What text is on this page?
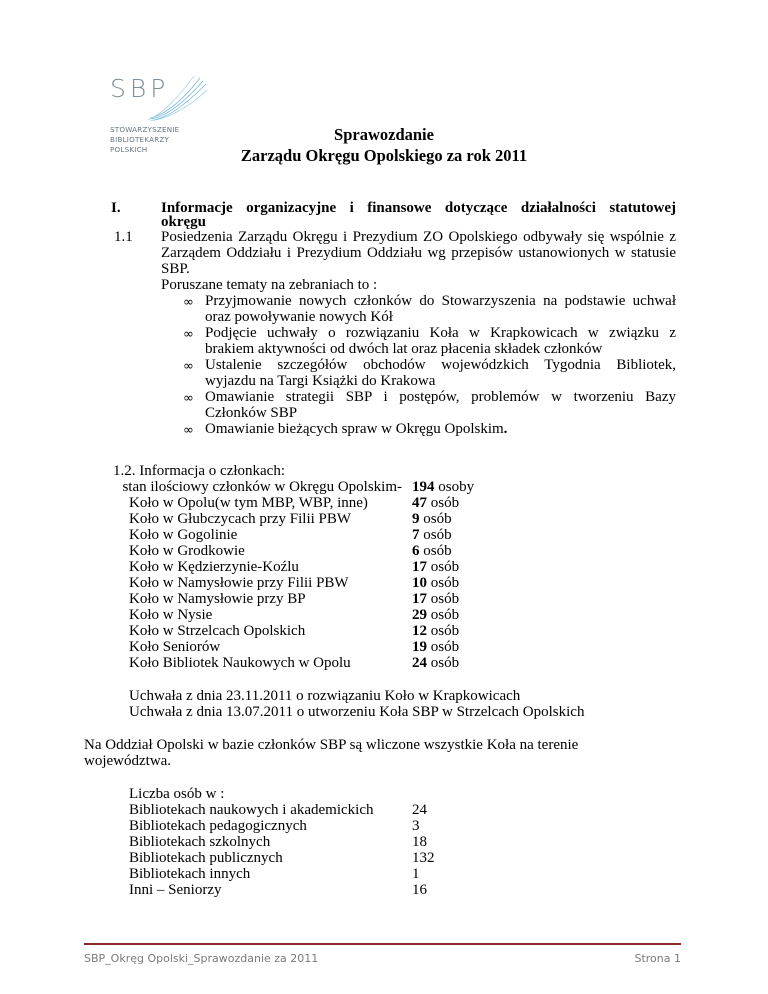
SBP
STOWARZYSZENIE
BIBLIOTEKARZY
POLSKICH
Sprawozdanie
Zarządu Okręgu Opolskiego za rok 2011
I.	Informacje organizacyjne i finansowe dotyczące działalności statutowej
okręgu
1.1 Posiedzenia Zarządu Okręgu i Prezydium ZO Opolskiego odbywały się wspólnie z
Zarządem Oddziału i Prezydium Oddziału wg przepisów ustanowionych w statusie
SBP.
Poruszane tematy na zebraniach to :
∞ Przyjmowanie nowych członków do Stowarzyszenia na podstawie uchwał
oraz powoływanie nowych Kół
∞ Podjęcie uchwały o rozwiązaniu Koła w Krapkowicach w związku z
brakiem aktywności od dwóch lat oraz płacenia składek członków
∞ Ustalenie szczegółów obchodów wojewódzkich Tygodnia Bibliotek,
wyjazdu na Targi Książki do Krakowa
∞ Omawianie strategii SBP i postępów, problemów w tworzeniu Bazy
Członków SBP
∞ Omawianie bieżących spraw w Okręgu Opolskim.
1.2. Informacja o członkach:
stan ilościowy członków w Okręgu Opolskim- 194 osoby
Koło w Opolu(w tym MBP, WBP, inne)	47 osób
Koło w Głubczycach przy Filii PBW	9 osób
Koło w Gogolinie	7 osób
Koło w Grodkowie	6 osób
Koło w Kędzierzynie-Koźlu	17 osób
Koło w Namysłowie przy Filii PBW	10 osób
Koło w Namysłowie przy BP	17 osób
Koło w Nysie	29 osób
Koło w Strzelcach Opolskich	12 osób
Koło Seniorów	19 osób
Koło Bibliotek Naukowych w Opolu	24 osób
Uchwała z dnia 23.11.2011 o rozwiązaniu Koło w Krapkowicach
Uchwała z dnia 13.07.2011 o utworzeniu Koła SBP w Strzelcach Opolskich
Na Oddział Opolski w bazie członków SBP są wliczone wszystkie Koła na terenie
województwa.
Liczba osób w :
Bibliotekach naukowych i akademickich	24
Bibliotekach pedagogicznych	3
Bibliotekach szkolnych	18
Bibliotekach publicznych	132
Bibliotekach innych	1
Inni – Seniorzy	16
SBP_Okręg Opolski_Sprawozdanie za 2011	Strona 1
